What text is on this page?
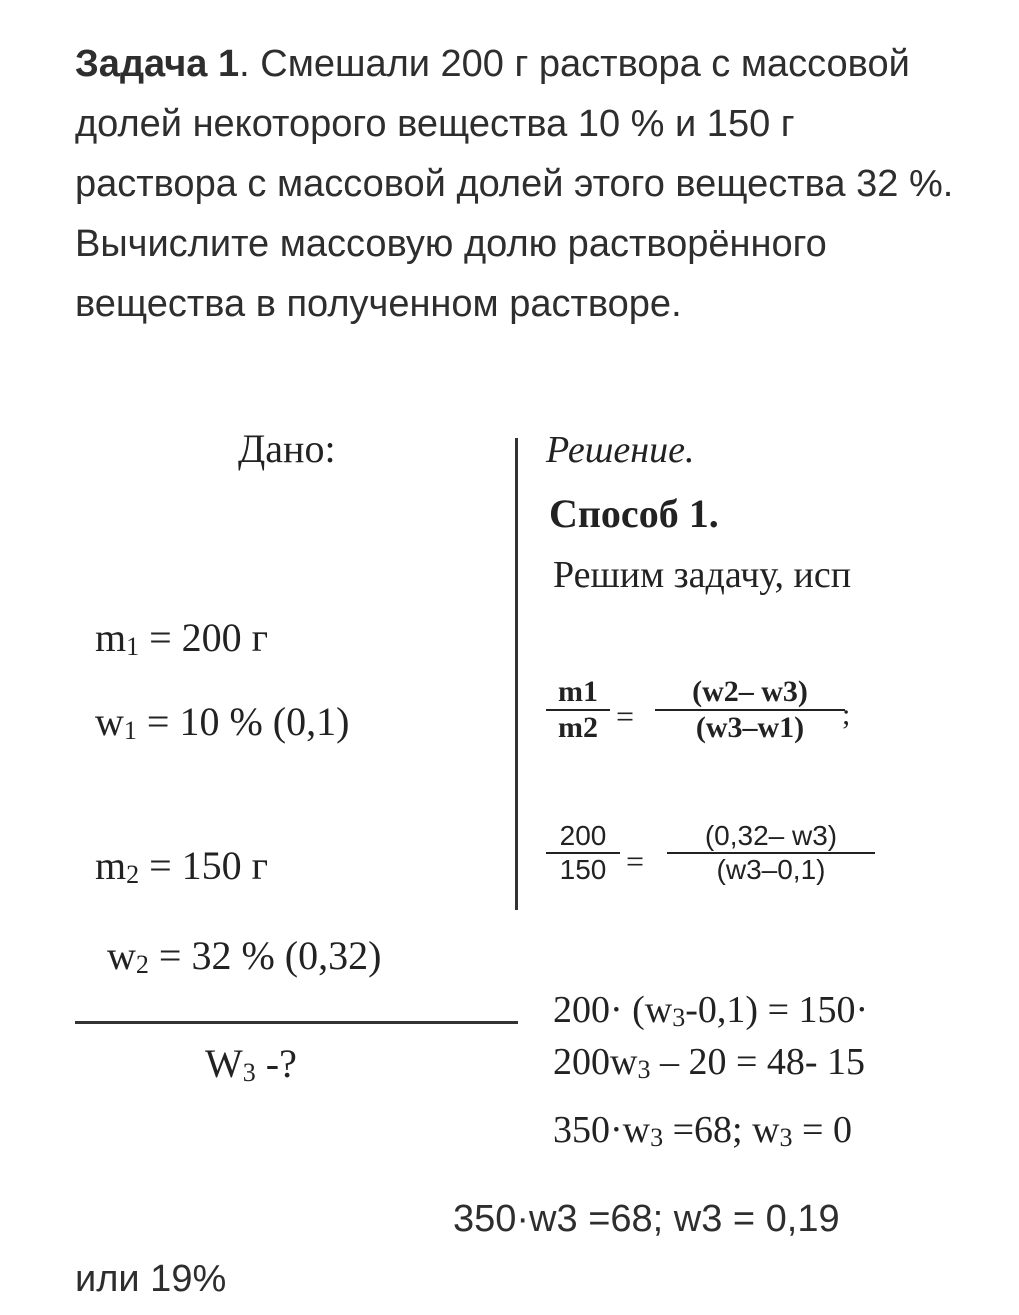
Задача 1. Смешали 200 г раствора с массовой долей некоторого вещества 10 % и 150 г раствора с массовой долей этого вещества 32 %. Вычислите массовую долю растворённого вещества в полученном растворе.

Дано:
$m_1 = 200$ г
$w_1 = 10$ % (0,1)
$m_2 = 150$ г
$w_2 = 32$ % (0,32)
$W_3$ -?
Решение.
Способ 1.
Решим задачу, исп
m1
m2 =
(w2– w3)
(w3–w1) ;
200
150 =
(0,32– w3)
(w3–0,1)
$200\cdot (w_3-0,1) = 150\cdot$
$200w_3 - 20 = 48-$ 15
$350\cdot w_3 =68$; $w_3 = 0$
350·w3 =68; w3 = 0,19
или 19%
